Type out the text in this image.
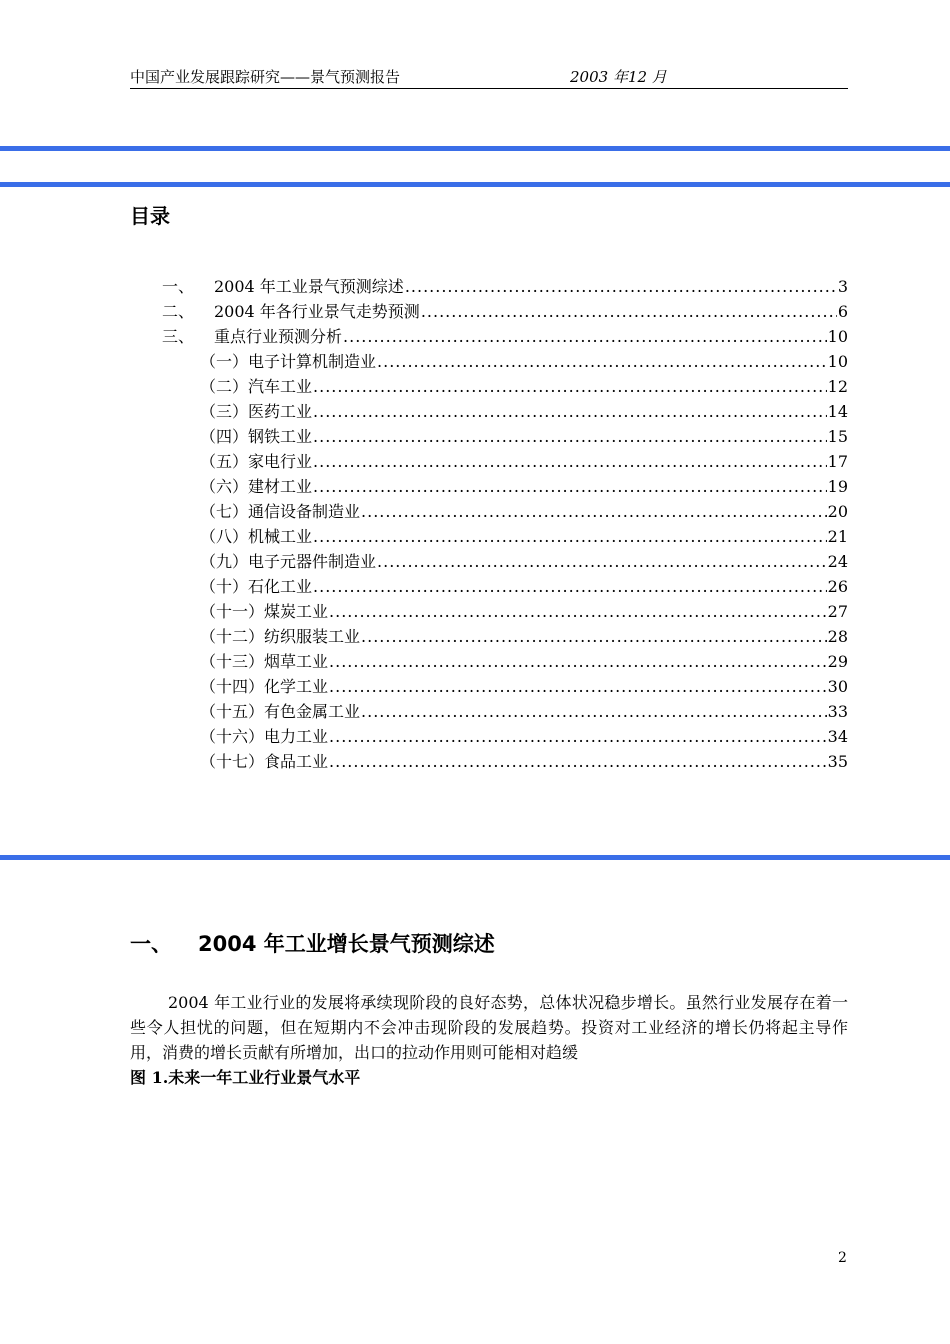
中国产业发展跟踪研究——景气预测报告	2003 年12 月
目录
一、	2004 年工业景气预测综述 .....	3
二、	2004 年各行业景气走势预测 .....	6
三、	重点行业预测分析 .....	10
（一） 电子计算机制造业 .....	10
（二） 汽车工业 .....	12
（三） 医药工业 .....	14
（四） 钢铁工业 .....	15
（五） 家电行业 .....	17
（六） 建材工业 .....	19
（七） 通信设备制造业 .....	20
（八） 机械工业 .....	21
（九） 电子元器件制造业 .....	24
（十） 石化工业 .....	26
（十一） 煤炭工业 .....	27
（十二） 纺织服装工业 .....	28
（十三） 烟草工业 .....	29
（十四） 化学工业 .....	30
（十五） 有色金属工业 .....	33
（十六） 电力工业 .....	34
（十七） 食品工业 .....	35
一、 2004 年工业增长景气预测综述
2004 年工业行业的发展将承续现阶段的良好态势，总体状况稳步增长。虽然行业发展存在着一些令人担忧的问题，但在短期内不会冲击现阶段的发展趋势。投资对工业经济的增长仍将起主导作用，消费的增长贡献有所增加，出口的拉动作用则可能相对趋缓
图 1.未来一年工业行业景气水平
2
